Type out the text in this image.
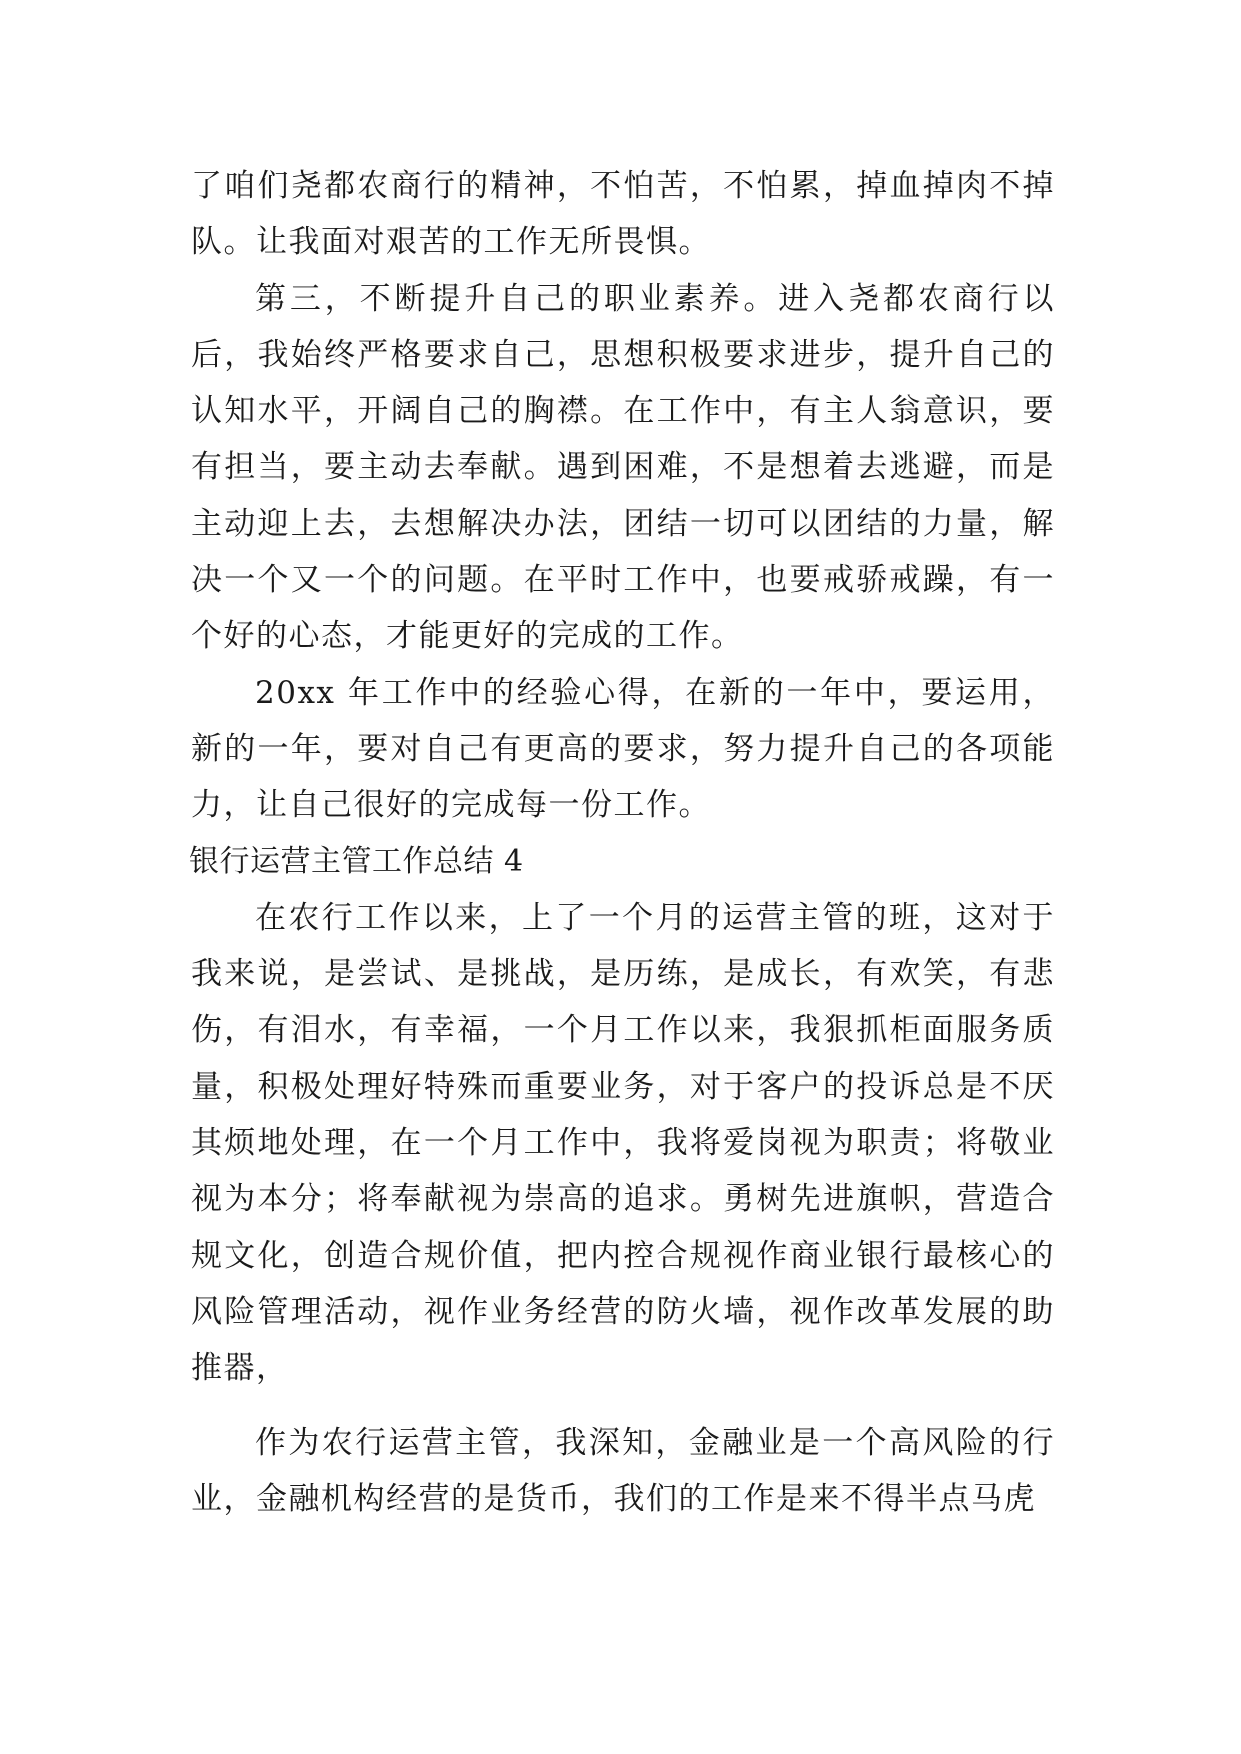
了咱们尧都农商行的精神，不怕苦，不怕累，掉血掉肉不掉队。让我面对艰苦的工作无所畏惧。

第三，不断提升自己的职业素养。进入尧都农商行以后，我始终严格要求自己，思想积极要求进步，提升自己的认知水平，开阔自己的胸襟。在工作中，有主人翁意识，要有担当，要主动去奉献。遇到困难，不是想着去逃避，而是主动迎上去，去想解决办法，团结一切可以团结的力量，解决一个又一个的问题。在平时工作中，也要戒骄戒躁，有一个好的心态，才能更好的完成的工作。

20xx 年工作中的经验心得，在新的一年中，要运用，新的一年，要对自己有更高的要求，努力提升自己的各项能力，让自己很好的完成每一份工作。

银行运营主管工作总结 4

在农行工作以来，上了一个月的运营主管的班，这对于我来说，是尝试、是挑战，是历练，是成长，有欢笑，有悲伤，有泪水，有幸福，一个月工作以来，我狠抓柜面服务质量，积极处理好特殊而重要业务，对于客户的投诉总是不厌其烦地处理，在一个月工作中，我将爱岗视为职责；将敬业视为本分；将奉献视为崇高的追求。勇树先进旗帜，营造合规文化，创造合规价值，把内控合规视作商业银行最核心的风险管理活动，视作业务经营的防火墙，视作改革发展的助推器，

作为农行运营主管，我深知，金融业是一个高风险的行业，金融机构经营的是货币，我们的工作是来不得半点马虎
